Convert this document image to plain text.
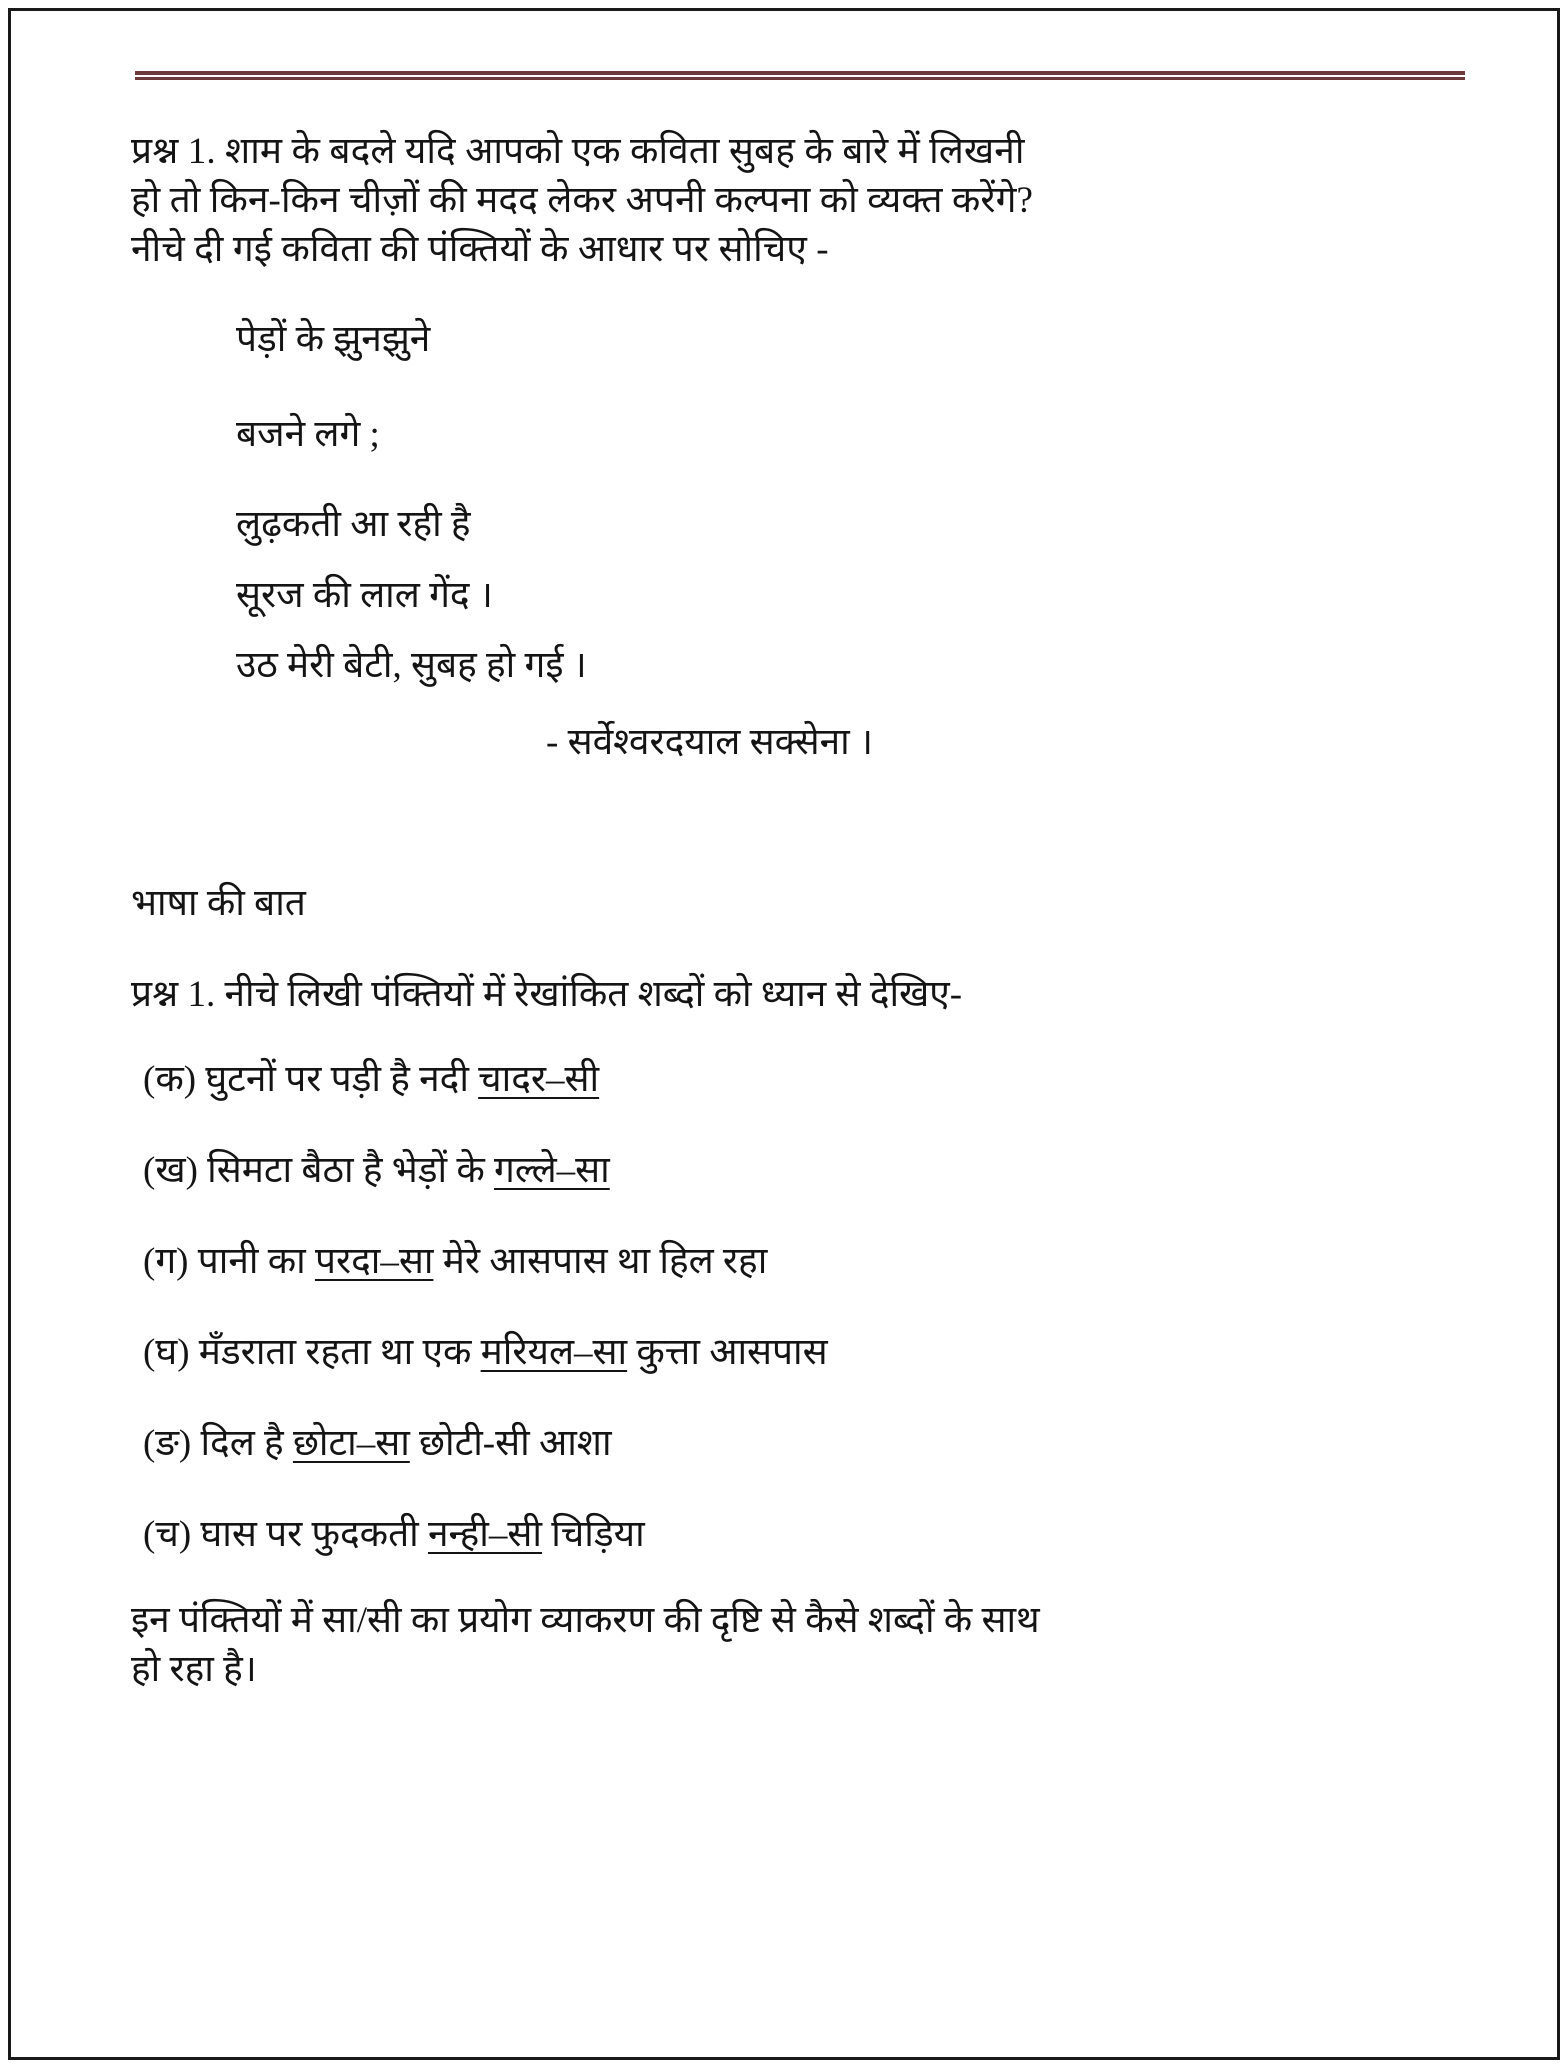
प्रश्न 1. शाम के बदले यदि आपको एक कविता सुबह के बारे में लिखनी
हो तो किन-किन चीज़ों की मदद लेकर अपनी कल्पना को व्यक्त करेंगे?
नीचे दी गई कविता की पंक्तियों के आधार पर सोचिए -
पेड़ों के झुनझुने
बजने लगे ;
लुढ़कती आ रही है
सूरज की लाल गेंद ।
उठ मेरी बेटी, सुबह हो गई ।
- सर्वेश्वरदयाल सक्सेना ।
भाषा की बात
प्रश्न 1. नीचे लिखी पंक्तियों में रेखांकित शब्दों को ध्यान से देखिए-
(क) घुटनों पर पड़ी है नदी चादर–सी
(ख) सिमटा बैठा है भेड़ों के गल्ले–सा
(ग) पानी का परदा–सा मेरे आसपास था हिल रहा
(घ) मँडराता रहता था एक मरियल–सा कुत्ता आसपास
(ङ) दिल है छोटा–सा छोटी-सी आशा
(च) घास पर फुदकती नन्ही–सी चिड़िया
इन पंक्तियों में सा/सी का प्रयोग व्याकरण की दृष्टि से कैसे शब्दों के साथ
हो रहा है।
